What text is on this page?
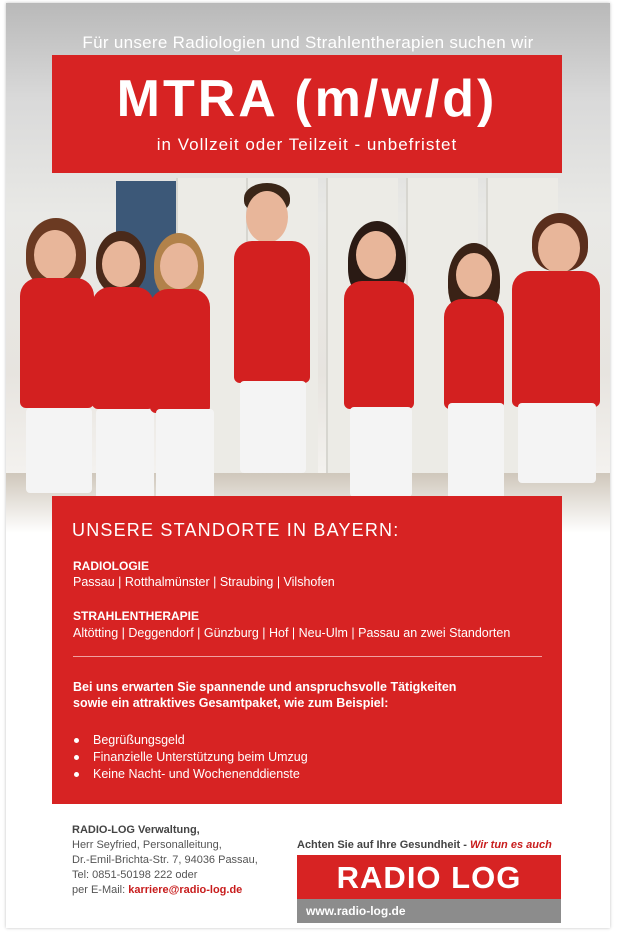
Für unsere Radiologien und Strahlentherapien suchen wir
MTRA (m/w/d)
in Vollzeit oder Teilzeit - unbefristet
UNSERE STANDORTE IN BAYERN:
RADIOLOGIE
Passau | Rotthalmünster | Straubing | Vilshofen
STRAHLENTHERAPIE
Altötting | Deggendorf | Günzburg | Hof | Neu-Ulm | Passau an zwei Standorten
Bei uns erwarten Sie spannende und anspruchsvolle Tätigkeiten
sowie ein attraktives Gesamtpaket, wie zum Beispiel:
Begrüßungsgeld
Finanzielle Unterstützung beim Umzug
Keine Nacht- und Wochenenddienste
RADIO-LOG Verwaltung,
Herr Seyfried, Personalleitung,
Dr.-Emil-Brichta-Str. 7, 94036 Passau,
Tel: 0851-50198 222 oder
per E-Mail: karriere@radio-log.de
Achten Sie auf Ihre Gesundheit - Wir tun es auch
RADIO LOG
www.radio-log.de
